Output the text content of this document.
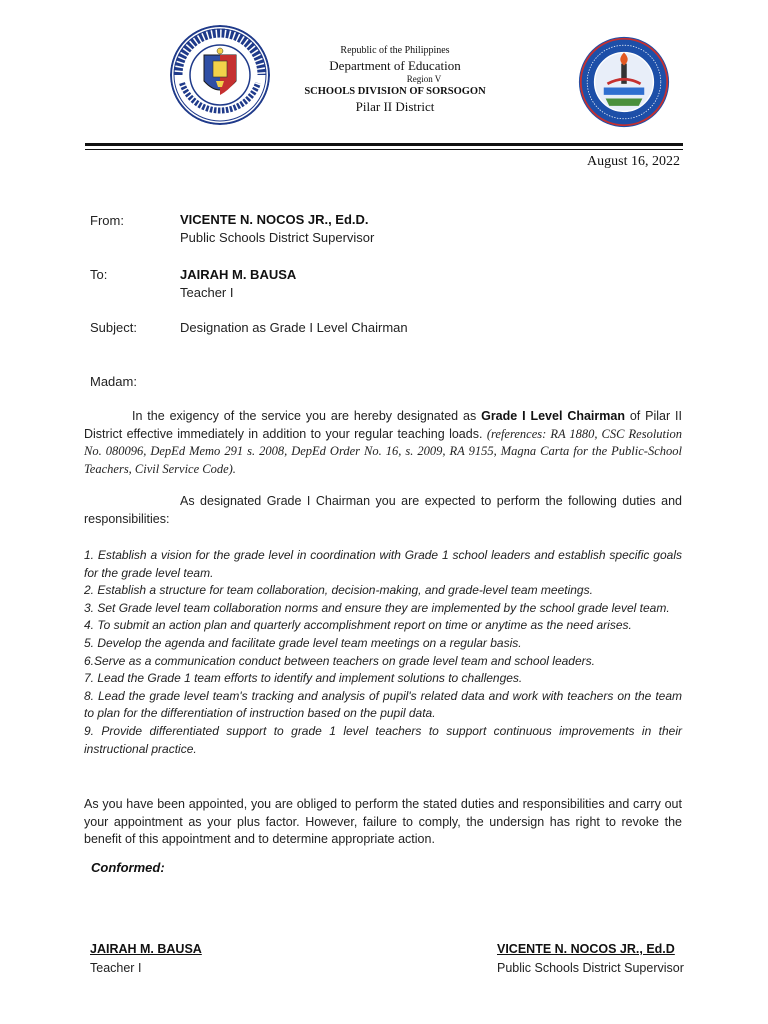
Republic of the Philippines
Department of Education
Region V
SCHOOLS DIVISION OF SORSOGON
Pilar II District
August 16, 2022
From:	VICENTE N. NOCOS JR., Ed.D.
Public Schools District Supervisor
To:	JAIRAH M. BAUSA
Teacher I
Subject:	Designation as Grade I Level Chairman
Madam:
In the exigency of the service you are hereby designated as Grade I Level Chairman of Pilar II District effective immediately in addition to your regular teaching loads. (references: RA 1880, CSC Resolution No. 080096, DepEd Memo 291 s. 2008, DepEd Order No. 16, s. 2009, RA 9155, Magna Carta for the Public-School Teachers, Civil Service Code).
As designated Grade I Chairman you are expected to perform the following duties and responsibilities:

1. Establish a vision for the grade level in coordination with Grade 1 school leaders and establish specific goals for the grade level team.

2. Establish a structure for team collaboration, decision-making, and grade-level team meetings.

3. Set Grade level team collaboration norms and ensure they are implemented by the school grade level team.

4. To submit an action plan and quarterly accomplishment report on time or anytime as the need arises.

5. Develop the agenda and facilitate grade level team meetings on a regular basis.

6.Serve as a communication conduct between teachers on grade level team and school leaders.

7. Lead the Grade 1 team efforts to identify and implement solutions to challenges.

8. Lead the grade level team's tracking and analysis of pupil's related data and work with teachers on the team to plan for the differentiation of instruction based on the pupil data.

9. Provide differentiated support to grade 1 level teachers to support continuous improvements in their instructional practice.

As you have been appointed, you are obliged to perform the stated duties and responsibilities and carry out your appointment as your plus factor. However, failure to comply, the undersign has right to revoke the benefit of this appointment and to determine appropriate action.
Conformed:
JAIRAH M. BAUSA
Teacher I
VICENTE N. NOCOS JR., Ed.D
Public Schools District Supervisor
